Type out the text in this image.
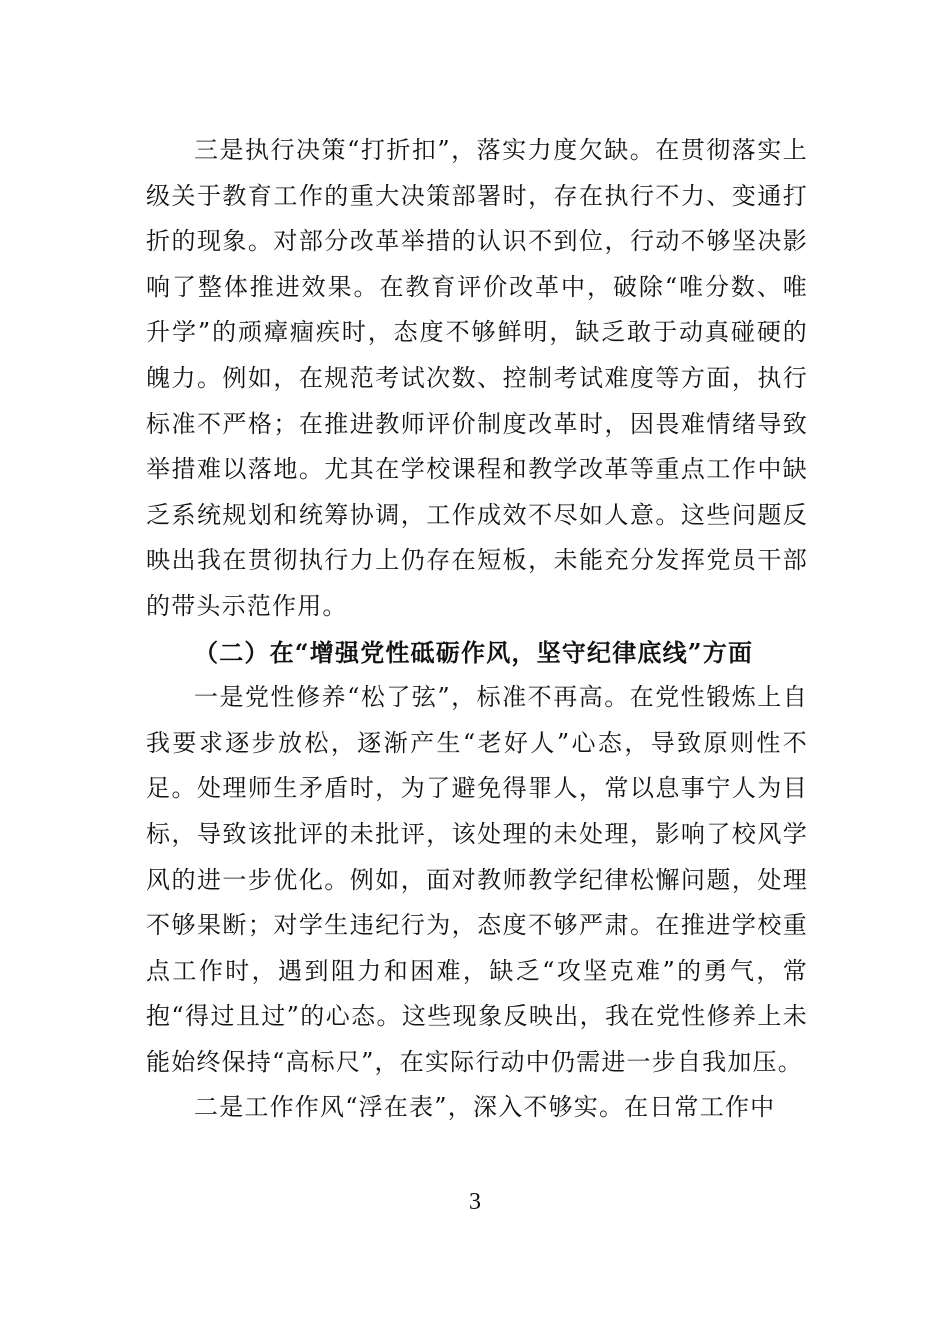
三是执行决策“打折扣”，落实力度欠缺。在贯彻落实上级关于教育工作的重大决策部署时，存在执行不力、变通打折的现象。对部分改革举措的认识不到位，行动不够坚决影响了整体推进效果。在教育评价改革中，破除“唯分数、唯升学”的顽瘴痼疾时，态度不够鲜明，缺乏敢于动真碰硬的魄力。例如，在规范考试次数、控制考试难度等方面，执行标准不严格；在推进教师评价制度改革时，因畏难情绪导致举措难以落地。尤其在学校课程和教学改革等重点工作中缺乏系统规划和统筹协调，工作成效不尽如人意。这些问题反映出我在贯彻执行力上仍存在短板，未能充分发挥党员干部的带头示范作用。

（二）在“增强党性砥砺作风，坚守纪律底线”方面

一是党性修养“松了弦”，标准不再高。在党性锻炼上自我要求逐步放松，逐渐产生“老好人”心态，导致原则性不足。处理师生矛盾时，为了避免得罪人，常以息事宁人为目标，导致该批评的未批评，该处理的未处理，影响了校风学风的进一步优化。例如，面对教师教学纪律松懈问题，处理不够果断；对学生违纪行为，态度不够严肃。在推进学校重点工作时，遇到阻力和困难，缺乏“攻坚克难”的勇气，常抱“得过且过”的心态。这些现象反映出，我在党性修养上未能始终保持“高标尺”，在实际行动中仍需进一步自我加压。

二是工作作风“浮在表”，深入不够实。在日常工作中

3
